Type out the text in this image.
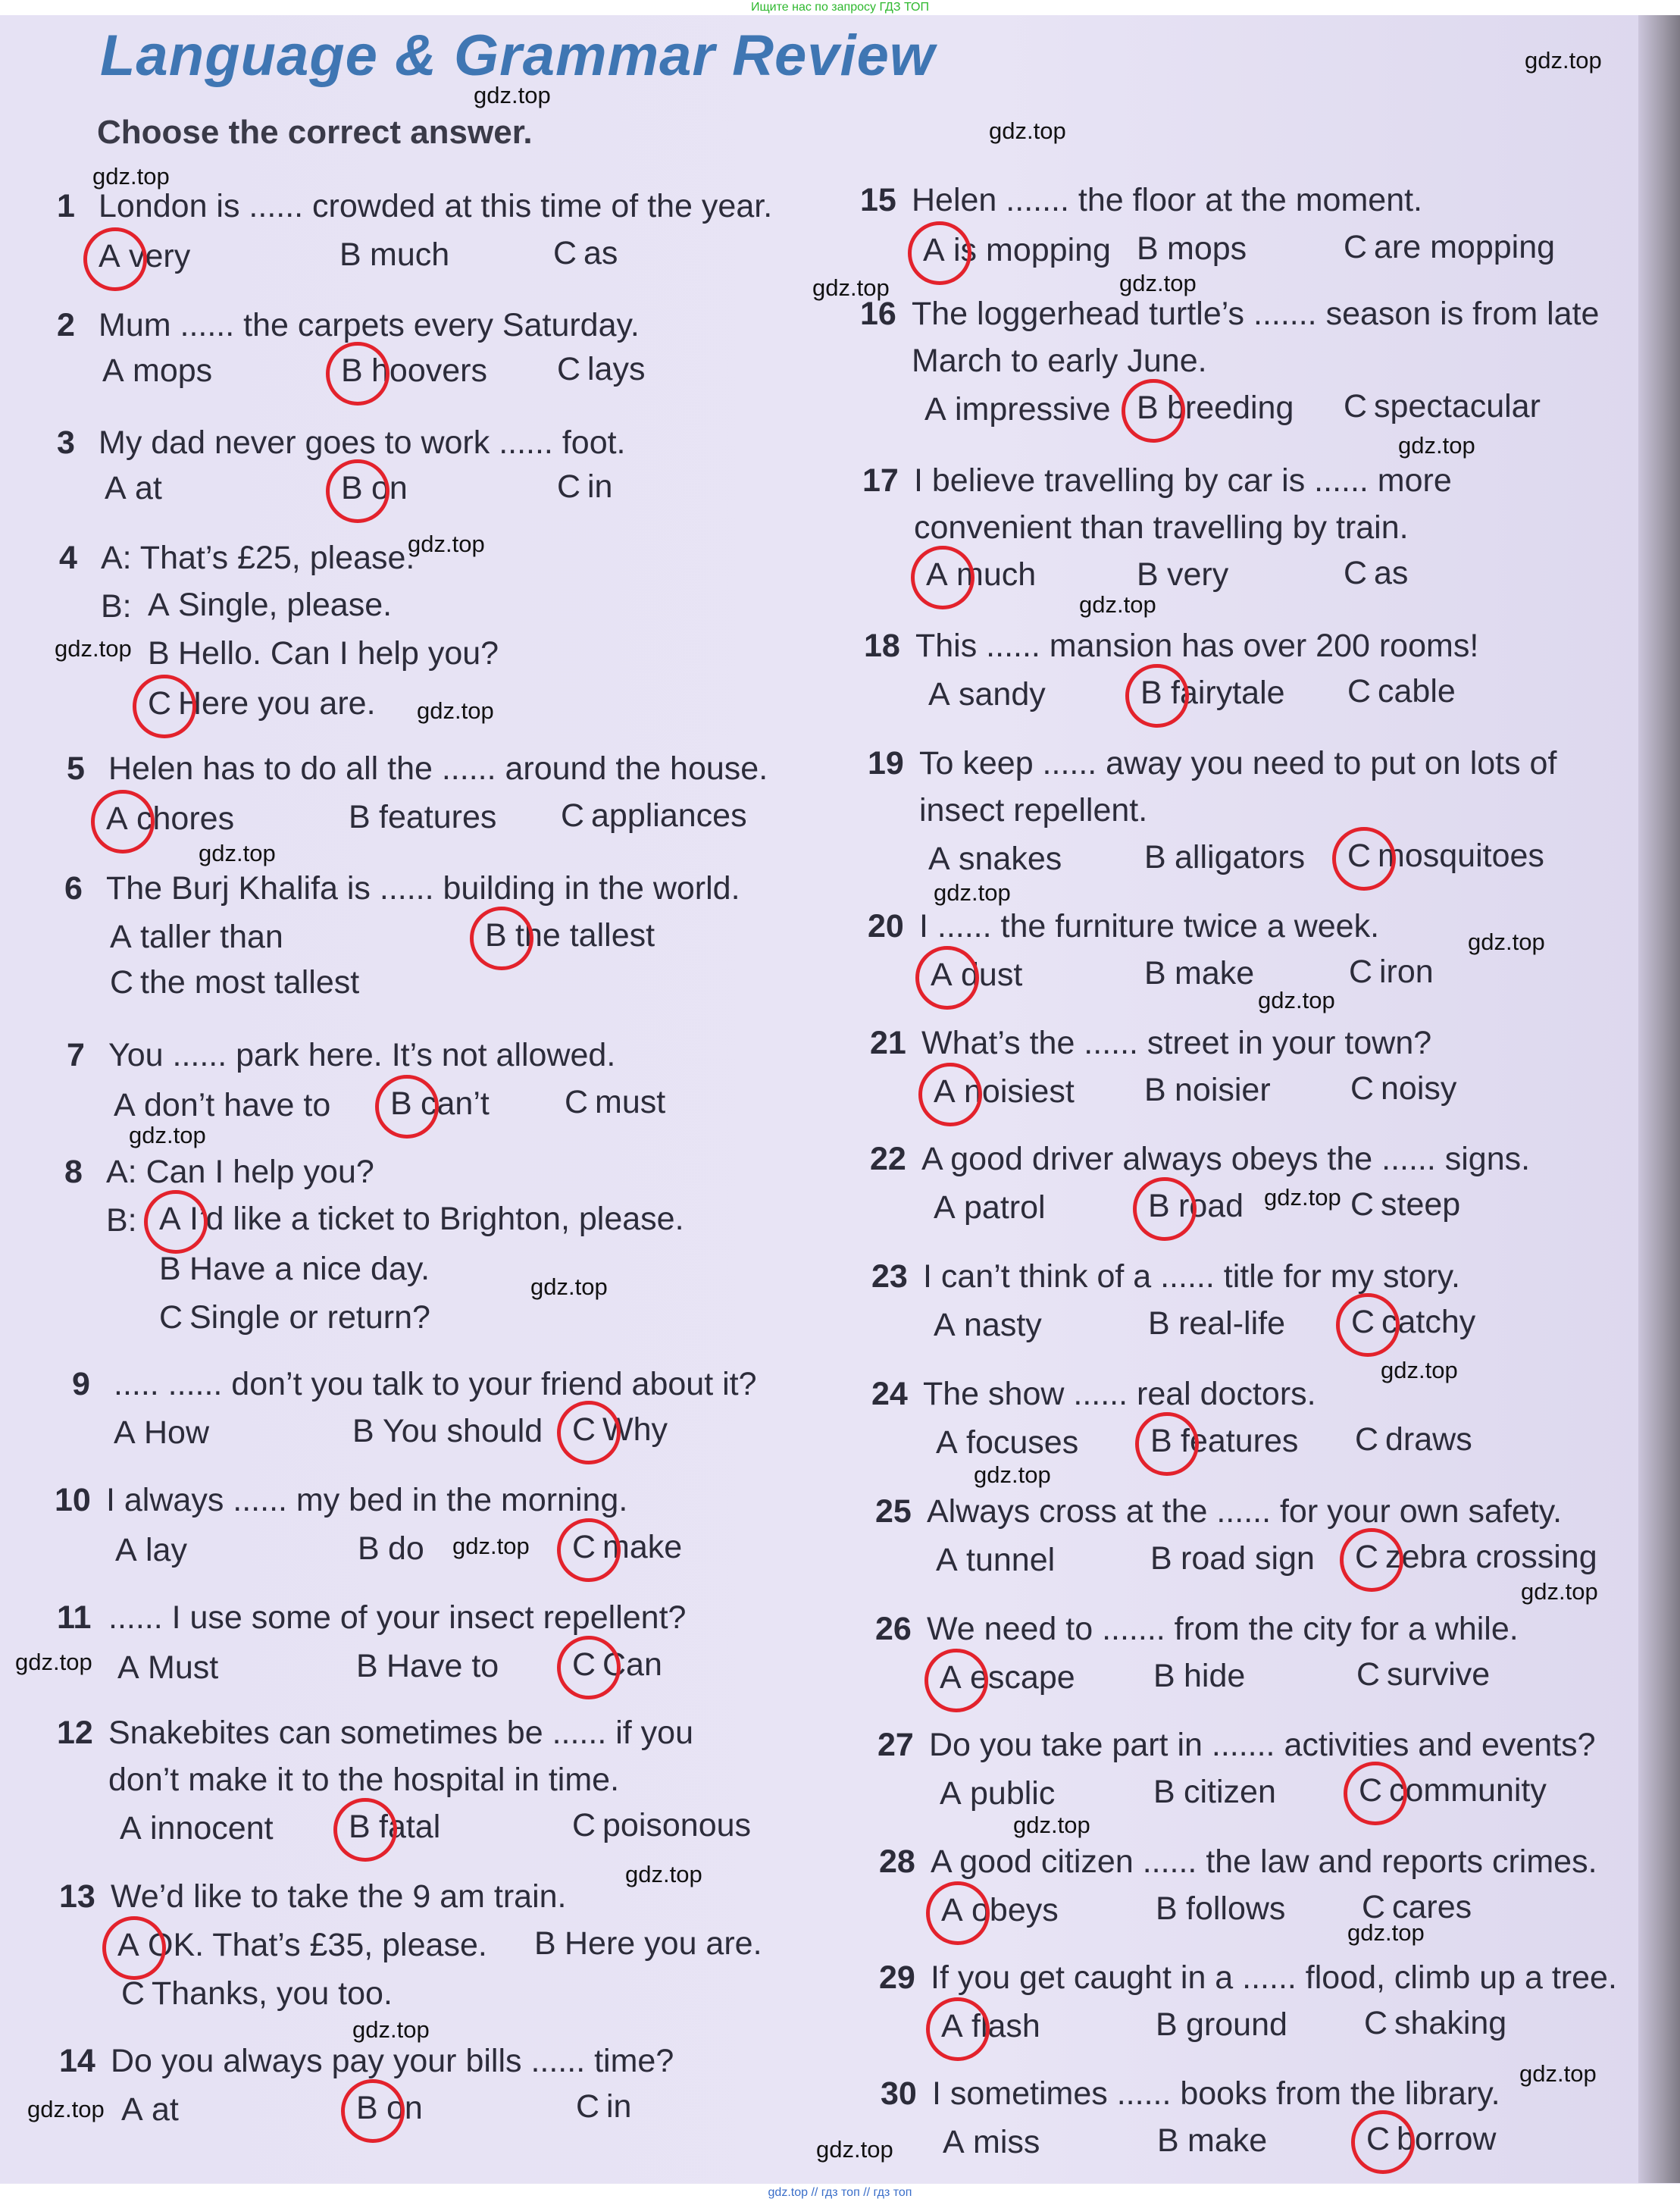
Ищите нас по запросу ГДЗ ТОП
Language & Grammar Review

Choose the correct answer.

1 London is ...... crowded at this time of the year.
A very	B much	C as
2 Mum ...... the carpets every Saturday.
A mops	B hoovers C lays
3 My dad never goes to work ...... foot.
A at	B on	C in
4 A: That’s £25, please.
B: A Single, please.
B Hello. Can I help you?
C Here you are.
5 Helen has to do all the ...... around the house.
A chores	B features C appliances
6 The Burj Khalifa is ...... building in the world.
A taller than	B the tallest
C the most tallest
7 You ...... park here. It’s not allowed.
A don’t have to B can’t C must
8 A: Can I help you?
B: A I’d like a ticket to Brighton, please.
B Have a nice day.
C Single or return?
9 ..... ...... don’t you talk to your friend about it?
A How	B You should C Why
10 I always ...... my bed in the morning.
A lay	B do	C make
11 ...... I use some of your insect repellent?
A Must	B Have to C Can
12 Snakebites can sometimes be ...... if you
don’t make it to the hospital in time.
A innocent B fatal	C poisonous
13 We’d like to take the 9 am train.
A OK. That’s £35, please. B Here you are.
C Thanks, you too.
14 Do you always pay your bills ...... time?
A at	B on	C in
15 Helen ....... the floor at the moment.
A is mopping B mops	C are mopping
16 The loggerhead turtle’s ....... season is from late
March to early June.
A impressive B breeding C spectacular
17 I believe travelling by car is ...... more
convenient than travelling by train.
A much	B very	C as
18 This ...... mansion has over 200 rooms!
A sandy	B fairytale C cable
19 To keep ...... away you need to put on lots of
insect repellent.
A snakes	B alligators C mosquitoes
20 I ...... the furniture twice a week.
A dust	B make	C iron
21 What’s the ...... street in your town?
A noisiest B noisier C noisy
22 A good driver always obeys the ...... signs.
A patrol	B road	C steep
23 I can’t think of a ...... title for my story.
A nasty	B real-life C catchy
24 The show ...... real doctors.
A focuses B features C draws
25 Always cross at the ...... for your own safety.
A tunnel	B road sign C zebra crossing
26 We need to ....... from the city for a while.
A escape B hide	C survive
27 Do you take part in ....... activities and events?
A public	B citizen	C community
28 A good citizen ...... the law and reports crimes.
A obeys	B follows C cares
29 If you get caught in a ...... flood, climb up a tree.
A flash	B ground C shaking
30 I sometimes ...... books from the library.
A miss	B make	C borrow
gdz.top
gdz.top
gdz.top
gdz.top
gdz.top	gdz.top
gdz.top
gdz.top
gdz.top
gdz.top
gdz.top
gdz.top
gdz.top
gdz.top
gdz.top
gdz.top
gdz.top
gdz.top
gdz.top
gdz.top
gdz.top
gdz.top
gdz.top
gdz.top
gdz.top
gdz.top
gdz.top
gdz.top
gdz.top
gdz.top
gdz.top // гдз топ // гдз топ
